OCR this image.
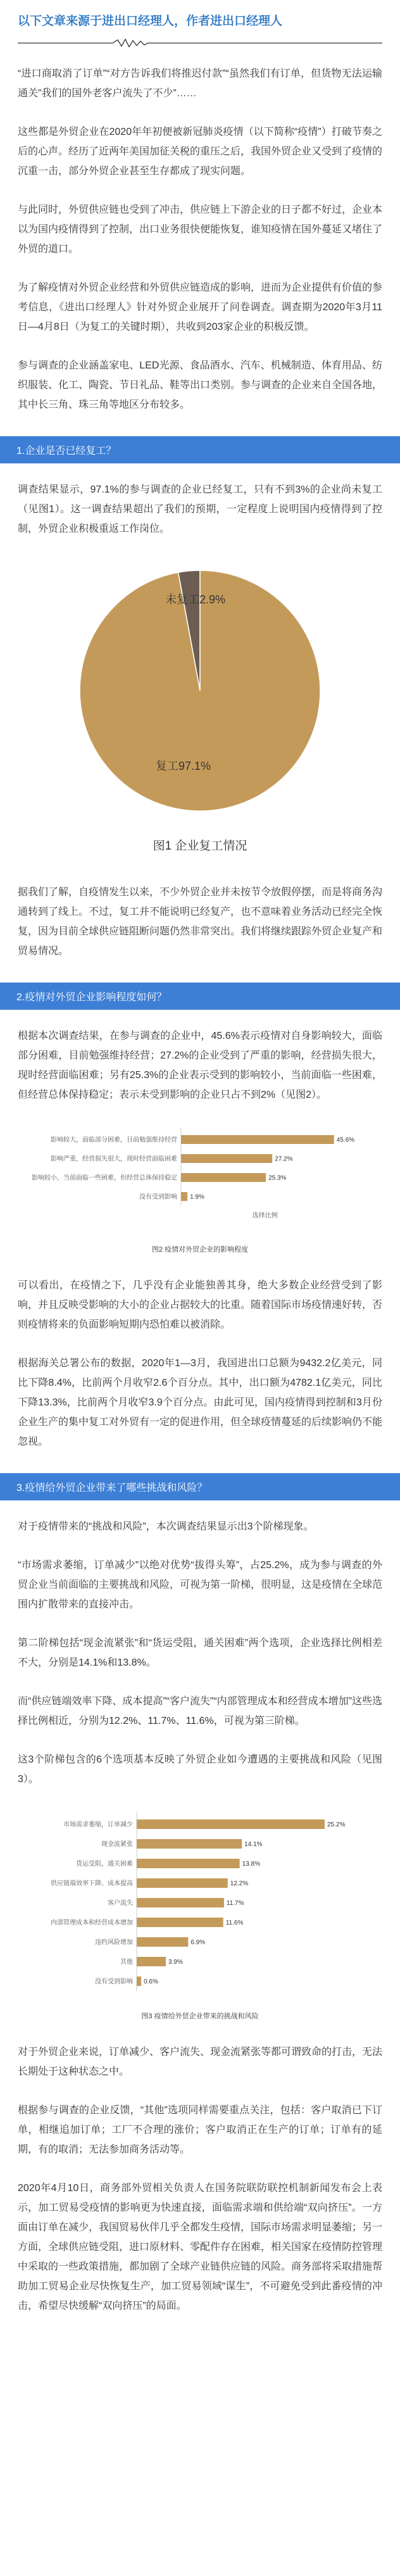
以下文章来源于进出口经理人，作者进出口经理人

“进口商取消了订单”“对方告诉我们将推迟付款”“虽然我们有订单，但货物无法运输通关”我们的国外老客户流失了不少”……

这些都是外贸企业在2020年年初便被新冠肺炎疫情（以下简称“疫情”）打破节奏之后的心声。经历了近两年美国加征关税的重压之后，我国外贸企业又受到了疫情的沉重一击，部分外贸企业甚至生存都成了现实问题。

与此同时，外贸供应链也受到了冲击，供应链上下游企业的日子都不好过，企业本以为国内疫情得到了控制，出口业务很快便能恢复，谁知疫情在国外蔓延又堵住了外贸的道口。

为了解疫情对外贸企业经营和外贸供应链造成的影响，进而为企业提供有价值的参考信息，《进出口经理人》针对外贸企业展开了问卷调查。调查期为2020年3月11日—4月8日（为复工的关键时期），共收到203家企业的积极反馈。

参与调查的企业涵盖家电、LED光源、食品酒水、汽车、机械制造、体育用品、纺织服装、化工、陶瓷、节日礼品、鞋等出口类别。参与调查的企业来自全国各地，其中长三角、珠三角等地区分布较多。

1.企业是否已经复工？

调查结果显示，97.1%的参与调查的企业已经复工，只有不到3%的企业尚未复工（见图1）。这一调查结果超出了我们的预期，一定程度上说明国内疫情得到了控制，外贸企业积极重返工作岗位。

复工97.1%
未复工2.9%
图1 企业复工情况

据我们了解，自疫情发生以来，不少外贸企业并未按节令放假停摆，而是将商务沟通转到了线上。不过，复工并不能说明已经复产，也不意味着业务活动已经完全恢复，因为目前全球供应链阻断问题仍然非常突出。我们将继续跟踪外贸企业复产和贸易情况。

2.疫情对外贸企业影响程度如何？

根据本次调查结果，在参与调查的企业中，45.6%表示疫情对自身影响较大，面临部分困难，目前勉强维持经营；27.2%的企业受到了严重的影响，经营损失很大，现时经营面临困难；另有25.3%的企业表示受到的影响较小，当前面临一些困难，但经营总体保持稳定；表示未受到影响的企业只占不到2%（见图2）。

影响较大，面临部分困难，目前勉强维持经营	45.6%
影响严重，经营损失很大，现时经营面临困难	27.2%
影响较小，当前面临一些困难，但经营总体保持稳定	25.3%
没有受到影响 1.9%
选择比例
图2 疫情对外贸企业的影响程度

可以看出，在疫情之下，几乎没有企业能独善其身，绝大多数企业经营受到了影响，并且反映受影响的大小的企业占据较大的比重。随着国际市场疫情速好转，否则疫情将来的负面影响短期内恐怕难以被消除。

根据海关总署公布的数据，2020年1—3月，我国进出口总额为9432.2亿美元，同比下降8.4%，比前两个月收窄2.6个百分点。其中，出口额为4782.1亿美元，同比下降13.3%，比前两个月收窄3.9个百分点。由此可见，国内疫情得到控制和3月份企业生产的集中复工对外贸有一定的促进作用，但全球疫情蔓延的后续影响仍不能忽视。

3.疫情给外贸企业带来了哪些挑战和风险？

对于疫情带来的“挑战和风险”，本次调查结果显示出3个阶梯现象。

“市场需求萎缩，订单减少”以绝对优势“拔得头筹”，占25.2%，成为参与调查的外贸企业当前面临的主要挑战和风险，可视为第一阶梯，很明显，这是疫情在全球范围内扩散带来的直接冲击。

第二阶梯包括“现金流紧张”和“货运受阻，通关困难”两个选项，企业选择比例相差不大，分别是14.1%和13.8%。

而“供应链端效率下降、成本提高”“客户流失”“内部管理成本和经营成本增加”这些选择比例相近，分别为12.2%、11.7%、11.6%，可视为第三阶梯。

这3个阶梯包含的6个选项基本反映了外贸企业如今遭遇的主要挑战和风险（见图3）。

市场需求萎缩，订单减少	25.2%
现金流紧张	14.1%
货运受阻，通关困难	13.8%
供应链端效率下降、成本提高	12.2%
客户流失	11.7%
内部管理成本和经营成本增加	11.6%
违约风险增加	6.9%
其他	3.9%
没有受到影响 0.6%
图3 疫情给外贸企业带来的挑战和风险

对于外贸企业来说，订单减少、客户流失、现金流紧张等都可谓致命的打击，无法长期处于这种状态之中。

根据参与调查的企业反馈，“其他”选项同样需要重点关注，包括：客户取消已下订单，相继追加订单；工厂不合理的涨价；客户取消正在生产的订单；订单有的延期，有的取消；无法参加商务活动等。

2020年4月10日，商务部外贸相关负责人在国务院联防联控机制新闻发布会上表示，加工贸易受疫情的影响更为快速直接，面临需求端和供给端“双向挤压”。一方面由订单在减少，我国贸易伙伴几乎全都发生疫情，国际市场需求明显萎缩；另一方面，全球供应链受阻，进口原材料、零配件存在困难，相关国家在疫情防控管理中采取的一些政策措施，都加剧了全球产业链供应链的风险。商务部将采取措施帮助加工贸易企业尽快恢复生产，加工贸易领域“谋生”，不可避免受到此番疫情的冲击，希望尽快缓解“双向挤压”的局面。
